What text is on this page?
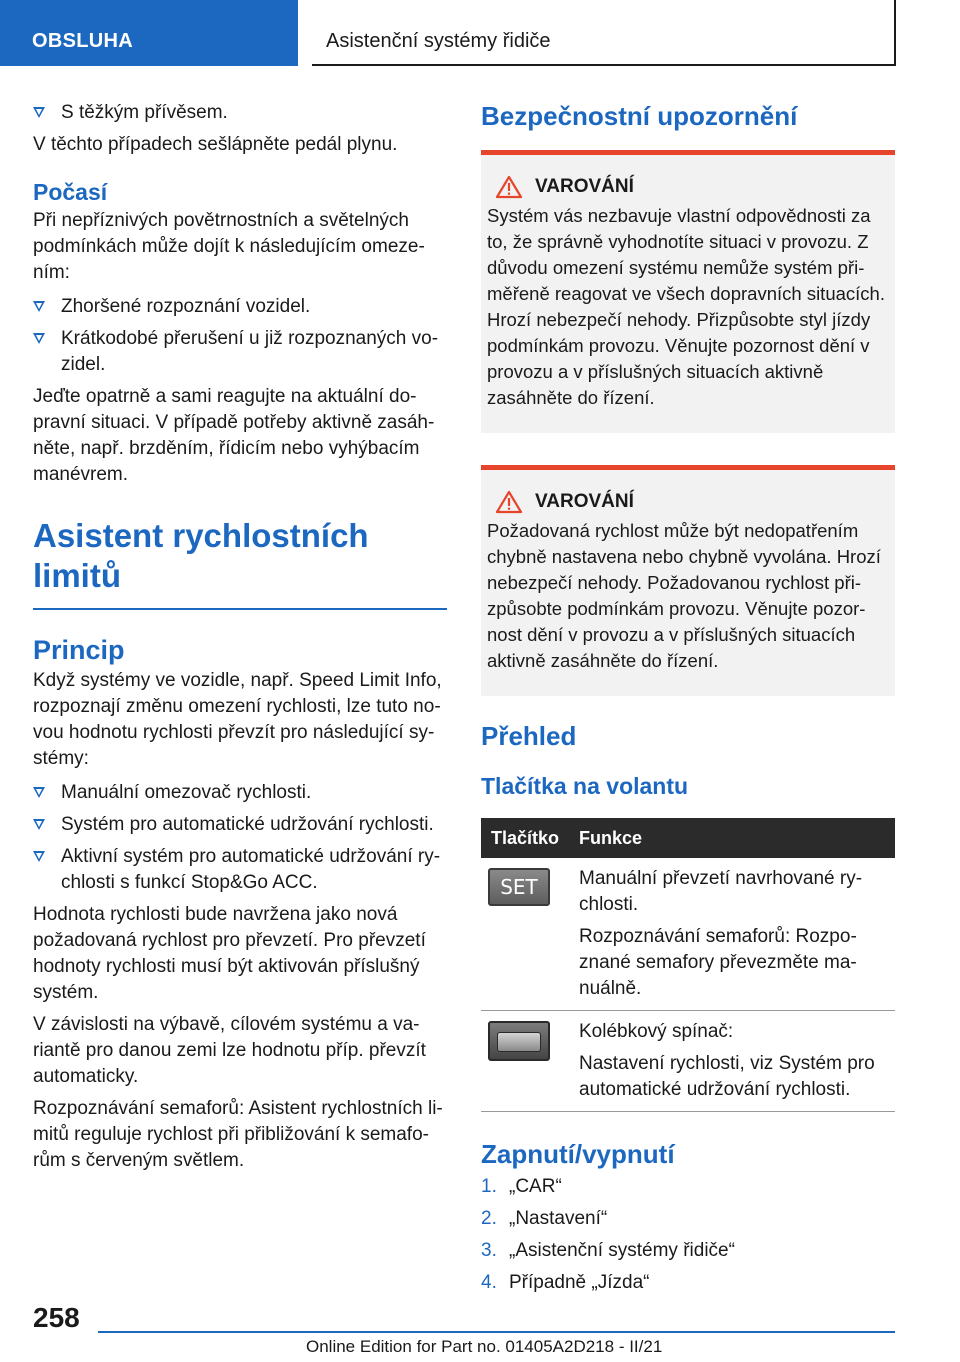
OBSLUHA	Asistenční systémy řidiče
S těžkým přívěsem.

V těchto případech sešlápněte pedál plynu.

Počasí

Při nepříznivých povětrnostních a světelných podmínkách může dojít k následujícím omezením:

Zhoršené rozpoznání vozidel.
Krátkodobé přerušení u již rozpoznaných vozidel.

Jeďte opatrně a sami reagujte na aktuální dopravní situaci. V případě potřeby aktivně zasáhněte, např. brzděním, řídicím nebo vyhýbacím manévrem.

Asistent rychlostních limitů
Princip

Když systémy ve vozidle, např. Speed Limit Info, rozpoznají změnu omezení rychlosti, lze tuto novou hodnotu rychlosti převzít pro následující systémy:

Manuální omezovač rychlosti.
Systém pro automatické udržování rychlosti.
Aktivní systém pro automatické udržování rychlosti s funkcí Stop&Go ACC.

Hodnota rychlosti bude navržena jako nová požadovaná rychlost pro převzetí. Pro převzetí hodnoty rychlosti musí být aktivován příslušný systém.

V závislosti na výbavě, cílovém systému a variantě pro danou zemi lze hodnotu příp. převzít automaticky.

Rozpoznávání semaforů: Asistent rychlostních limitů reguluje rychlost při přibližování k semaforům s červeným světlem.

Bezpečnostní upozornění
VAROVÁNÍ

Systém vás nezbavuje vlastní odpovědnosti za to, že správně vyhodnotíte situaci v provozu. Z důvodu omezení systému nemůže systém přiměřeně reagovat ve všech dopravních situacích. Hrozí nebezpečí nehody. Přizpůsobte styl jízdy podmínkám provozu. Věnujte pozornost dění v provozu a v příslušných situacích aktivně zasáhněte do řízení.

VAROVÁNÍ

Požadovaná rychlost může být nedopatřením chybně nastavena nebo chybně vyvolána. Hrozí nebezpečí nehody. Požadovanou rychlost přizpůsobte podmínkám provozu. Věnujte pozornost dění v provozu a v příslušných situacích aktivně zasáhněte do řízení.

Přehled
Tlačítka na volantu
Tlačítko	Funkce

SET	Manuální převzetí navrhované rychlosti.

Rozpoznávání semaforů: Rozpoznané semafory převezměte manuálně.

	Kolébkový spínač:

Nastavení rychlosti, viz Systém pro automatické udržování rychlosti.

Zapnutí/vypnutí
1. „CAR“
2. „Nastavení“
3. „Asistenční systémy řidiče“
4. Případně „Jízda“
258
Online Edition for Part no. 01405A2D218 - II/21
